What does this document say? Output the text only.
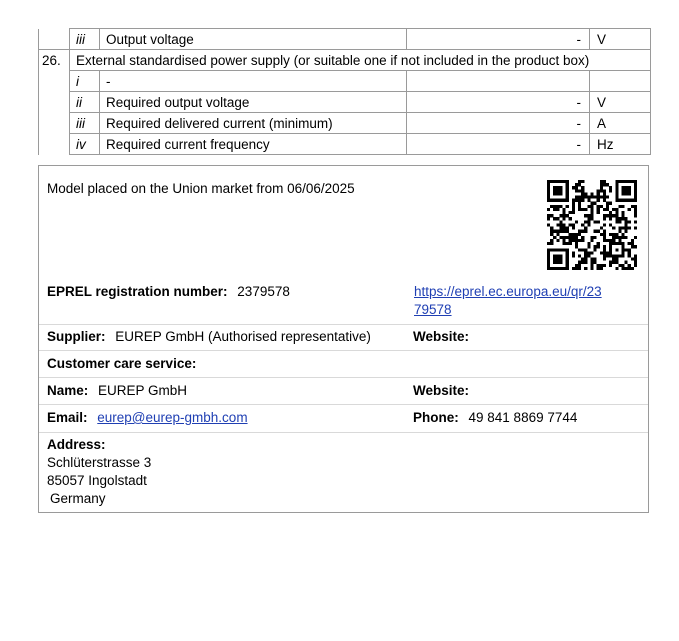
	iii	Output voltage	-	V
26.	External standardised power supply (or suitable one if not included in the product box)			
	i	-		
	ii	Required output voltage	-	V
	iii	Required delivered current (minimum)	-	A
	iv	Required current frequency	-	Hz
Model placed on the Union market from 06/06/2025
EPREL registration number: 2379578	https://eprel.ec.europa.eu/qr/23
79578
Supplier: EUREP GmbH (Authorised representative)	Website:
Customer care service:
Name: EUREP GmbH	Website:
Email: eurep@eurep-gmbh.com	Phone: 49 841 8869 7744
Address:
Schlüterstrasse 3
85057 Ingolstadt
Germany
